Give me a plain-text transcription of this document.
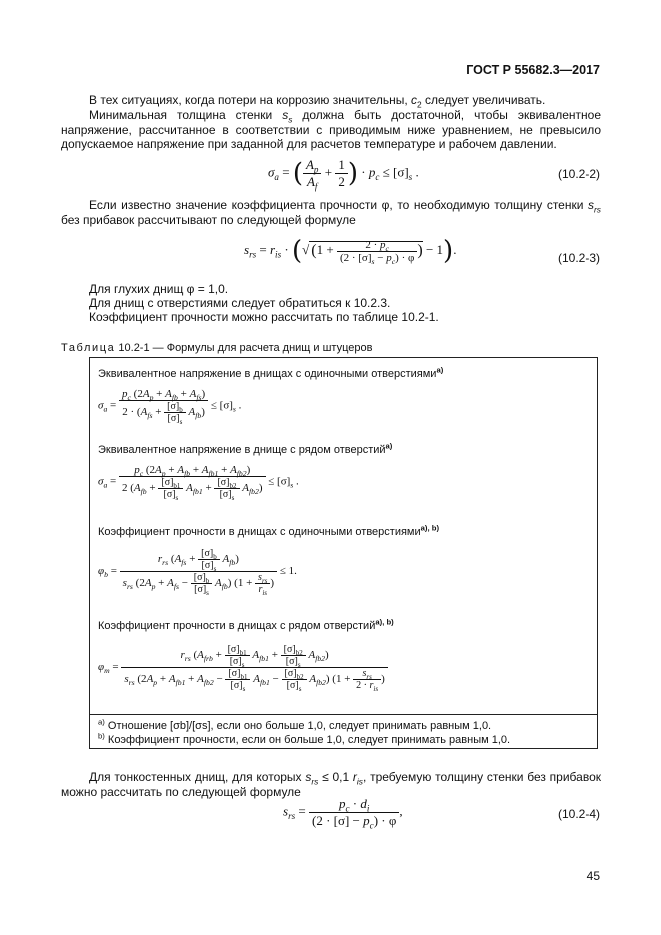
ГОСТ Р 55682.3—2017
В тех ситуациях, когда потери на коррозию значительны, $c_2$ следует увеличивать.
Минимальная толщина стенки $s_s$ должна быть достаточной, чтобы эквивалентное напряжение, рассчитанное в соответствии с приводимым ниже уравнением, не превысило допускаемое напряжение при заданной для расчетов температуре и рабочем давлении.
$\sigma_a$ = ( $\frac{A_p}{A_f} + \frac{1}{2}$ ) · $p_c \le [\sigma]_s$ .	(10.2-2)
Если известно значение коэффициента прочности φ, то необходимую толщину стенки $s_{rs}$ без прибавок рассчитывают по следующей формуле
$s_{rs} = r_{is}$ · (√ ($1 + \frac{2 \cdot p_c}{(2 \cdot [\sigma]_s - p_c) \cdot \varphi}$ ) − 1).
(10.2-3)
Для глухих днищ φ = 1,0.
Для днищ с отверстиями следует обратиться к 10.2.3.
Коэффициент прочности можно рассчитать по таблице 10.2-1.
Таблица 10.2-1 — Формулы для расчета днищ и штуцеров
Эквивалентное напряжение в днищах с одиночными отверстиями$^{a)}$
$\sigma_a = \frac{p_c (2A_p + A_{fb} + A_{fs})}{2 \cdot (A_{fs} + \frac{[\sigma]_b}{[\sigma]_s} A_{fb})} \le [\sigma]_s$ .
Эквивалентное напряжение в днище с рядом отверстий$^{a)}$
$\sigma_a = \frac{p_c (2A_p + A_{fb} + A_{fb1} + A_{fb2})}{2 (A_{fb} + \frac{[\sigma]_{b1}}{[\sigma]_s} A_{fb1} + \frac{[\sigma]_{b2}}{[\sigma]_s} A_{fb2})} \le [\sigma]_s$ .
Коэффициент прочности в днищах с одиночными отверстиями$^{a), b)}$
$\varphi_b = \frac{r_{rs} (A_{fs} + \frac{[\sigma]_b}{[\sigma]_s} A_{fb})}{s_{rs} (2A_p + A_{fs} - \frac{[\sigma]_b}{[\sigma]_s} A_{fb}) (1 + \frac{s_{rs}}{r_{is}} )} \le 1$.
Коэффициент прочности в днищах с рядом отверстий$^{a), b)}$
$\varphi_m$ =
$r_{rs}$ $(A_{frb} + \frac{[\sigma]_{b1}}{[\sigma]_s} A_{fb1} + \frac{[\sigma]_{b2}}{[\sigma]_s} A_{fb2})$
$s_{rs}$ $(2A_p + A_{fb1} + A_{fb2} - \frac{[\sigma]_{b1}}{[\sigma]_s} A_{fb1} - \frac{[\sigma]_{b2}}{[\sigma]_s} A_{fb2}) (1 + \frac{s_{rs}}{2 \cdot r_{is}}$ )
$^{a)}$ Отношение [σb]/[σs], если оно больше 1,0, следует принимать равным 1,0.
$^{b)}$ Коэффициент прочности, если он больше 1,0, следует принимать равным 1,0.
Для тонкостенных днищ, для которых $s_{rs} \le 0,1$ $r_{is}$, требуемую толщину стенки без прибавок можно рассчитать по следующей формуле
$s_{rs} = \frac{p_c \cdot d_i}{(2 \cdot [\sigma] - p_c) \cdot \varphi}$ ,	(10.2-4)
45
